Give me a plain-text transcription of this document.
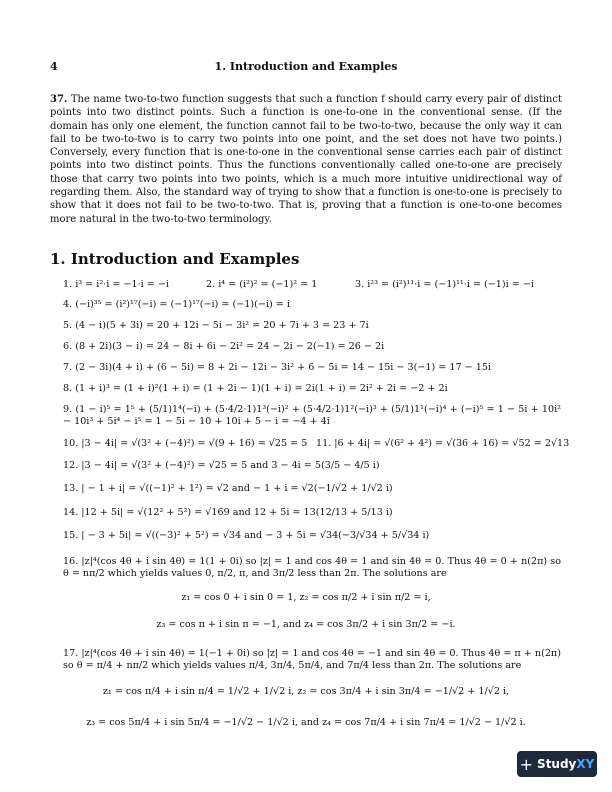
4	1. Introduction and Examples
37. The name two-to-two function suggests that such a function f should carry every pair of distinct points into two distinct points. Such a function is one-to-one in the conventional sense. (If the domain has only one element, the function cannot fail to be two-to-two, because the only way it can fail to be two-to-two is to carry two points into one point, and the set does not have two points.) Conversely, every function that is one-to-one in the conventional sense carries each pair of distinct points into two distinct points. Thus the functions conventionally called one-to-one are precisely those that carry two points into two points, which is a much more intuitive unidirectional way of regarding them. Also, the standard way of trying to show that a function is one-to-one is precisely to show that it does not fail to be two-to-two. That is, proving that a function is one-to-one becomes more natural in the two-to-two terminology.
1. Introduction and Examples
1. i³ = i²·i = −1·i = −i	2. i⁴ = (i²)² = (−1)² = 1	3. i²³ = (i²)¹¹·i = (−1)¹¹·i = (−1)i = −i
4. (−i)³⁵ = (i²)¹⁷(−i) = (−1)¹⁷(−i) = (−1)(−i) = i
5. (4 − i)(5 + 3i) = 20 + 12i − 5i − 3i² = 20 + 7i + 3 = 23 + 7i
6. (8 + 2i)(3 − i) = 24 − 8i + 6i − 2i² = 24 − 2i − 2(−1) = 26 − 2i
7. (2 − 3i)(4 + i) + (6 − 5i) = 8 + 2i − 12i − 3i² + 6 − 5i = 14 − 15i − 3(−1) = 17 − 15i
8. (1 + i)³ = (1 + i)²(1 + i) = (1 + 2i − 1)(1 + i) = 2i(1 + i) = 2i² + 2i = −2 + 2i
9. (1 − i)⁵ = 1⁵ + (5/1)1⁴(−i) + (5·4/2·1)1³(−i)² + (5·4/2·1)1²(−i)³ + (5/1)1¹(−i)⁴ + (−i)⁵ = 1 − 5i + 10i² − 10i³ + 5i⁴ − i⁵ = 1 − 5i − 10 + 10i + 5 − i = −4 + 4i
10. |3 − 4i| = √(3² + (−4)²) = √(9 + 16) = √25 = 5 11. |6 + 4i| = √(6² + 4²) = √(36 + 16) = √52 = 2√13
12. |3 − 4i| = √(3² + (−4)²) = √25 = 5 and 3 − 4i = 5(3/5 − 4/5 i)
13. | − 1 + i| = √((−1)² + 1²) = √2 and − 1 + i = √2(−1/√2 + 1/√2 i)
14. |12 + 5i| = √(12² + 5²) = √169 and 12 + 5i = 13(12/13 + 5/13 i)
15. | − 3 + 5i| = √((−3)² + 5²) = √34 and − 3 + 5i = √34(−3/√34 + 5/√34 i)
16. |z|⁴(cos 4θ + i sin 4θ) = 1(1 + 0i) so |z| = 1 and cos 4θ = 1 and sin 4θ = 0. Thus 4θ = 0 + n(2π) so θ = nπ/2 which yields values 0, π/2, π, and 3π/2 less than 2π. The solutions are
z₁ = cos 0 + i sin 0 = 1, z₂ = cos π/2 + i sin π/2 = i,
z₃ = cos π + i sin π = −1, and z₄ = cos 3π/2 + i sin 3π/2 = −i.
17. |z|⁴(cos 4θ + i sin 4θ) = 1(−1 + 0i) so |z| = 1 and cos 4θ = −1 and sin 4θ = 0. Thus 4θ = π + n(2π) so θ = π/4 + nπ/2 which yields values π/4, 3π/4, 5π/4, and 7π/4 less than 2π. The solutions are
z₁ = cos π/4 + i sin π/4 = 1/√2 + 1/√2 i, z₂ = cos 3π/4 + i sin 3π/4 = −1/√2 + 1/√2 i,
z₃ = cos 5π/4 + i sin 5π/4 = −1/√2 − 1/√2 i, and z₄ = cos 7π/4 + i sin 7π/4 = 1/√2 − 1/√2 i.
+ StudyXY
